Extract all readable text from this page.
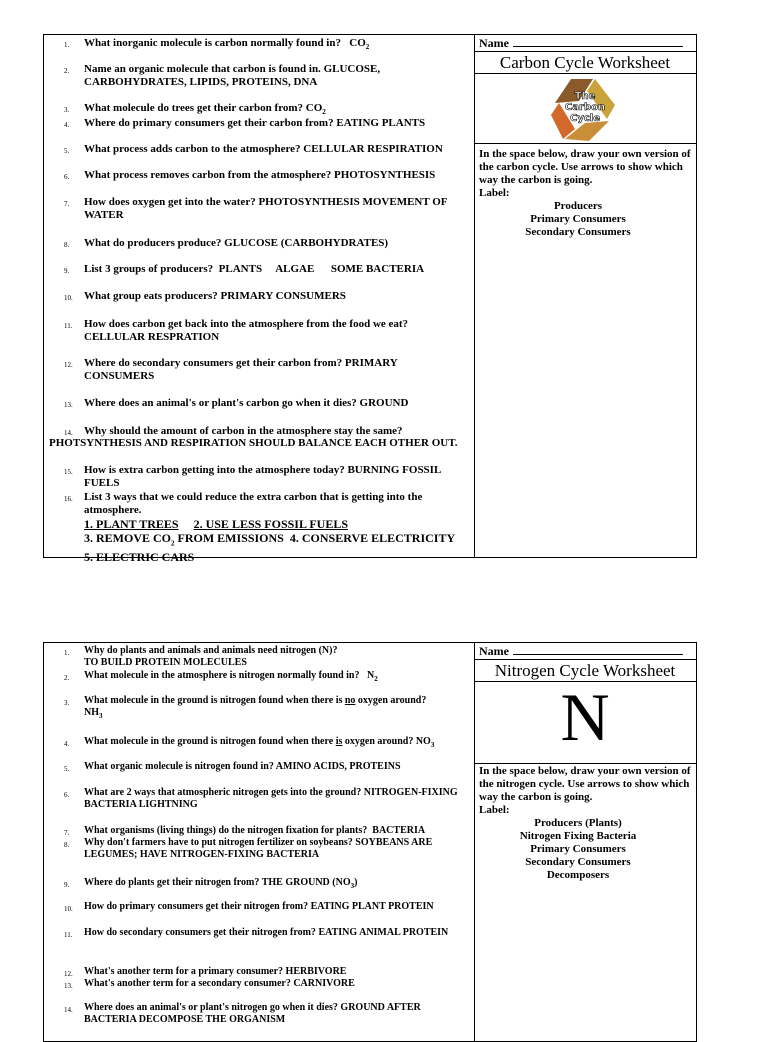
1. What inorganic molecule is carbon normally found in? $CO_2$
2. Name an organic molecule that carbon is found in. GLUCOSE, CARBOHYDRATES, LIPIDS, PROTEINS, DNA
3. What molecule do trees get their carbon from? $CO_2$
4. Where do primary consumers get their carbon from? EATING PLANTS
5. What process adds carbon to the atmosphere? CELLULAR RESPIRATION
6. What process removes carbon from the atmosphere? PHOTOSYNTHESIS
7. How does oxygen get into the water? PHOTOSYNTHESIS MOVEMENT OF WATER
8. What do producers produce? GLUCOSE (CARBOHYDRATES)
9. List 3 groups of producers? PLANTS     ALGAE      SOME BACTERIA
10. What group eats producers? PRIMARY CONSUMERS
11. How does carbon get back into the atmosphere from the food we eat? CELLULAR RESPRATION
12. Where do secondary consumers get their carbon from? PRIMARY CONSUMERS
13. Where does an animal's or plant's carbon go when it dies? GROUND
14. Why should the amount of carbon in the atmosphere stay the same?
PHOTSYNTHESIS AND RESPIRATION SHOULD BALANCE EACH OTHER OUT.
15. How is extra carbon getting into the atmosphere today? BURNING FOSSIL FUELS
16. List 3 ways that we could reduce the extra carbon that is getting into the atmosphere.
1. PLANT TREES 2. USE LESS FOSSIL FUELS
3. REMOVE $CO_2$ FROM EMISSIONS 4. CONSERVE ELECTRICITY
5. ELECTRIC CARS
Name
Carbon Cycle Worksheet
The
Carbon
Cycle
In the space below, draw your own version of the carbon cycle. Use arrows to show which way the carbon is going.
Label:
Producers
Primary Consumers
Secondary Consumers
1. Why do plants and animals and animals need nitrogen (N)?
TO BUILD PROTEIN MOLECULES
2. What molecule in the atmosphere is nitrogen normally found in? $N_2$
3. What molecule in the ground is nitrogen found when there is no oxygen around?
$NH_3$
4. What molecule in the ground is nitrogen found when there is oxygen around? $NO_3$
5. What organic molecule is nitrogen found in? AMINO ACIDS, PROTEINS
6. What are 2 ways that atmospheric nitrogen gets into the ground? NITROGEN-FIXING BACTERIA LIGHTNING
7. What organisms (living things) do the nitrogen fixation for plants? BACTERIA
8. Why don't farmers have to put nitrogen fertilizer on soybeans? SOYBEANS ARE LEGUMES; HAVE NITROGEN-FIXING BACTERIA
9. Where do plants get their nitrogen from? THE GROUND $(NO_3)$
10. How do primary consumers get their nitrogen from? EATING PLANT PROTEIN
11. How do secondary consumers get their nitrogen from? EATING ANIMAL PROTEIN
12. What's another term for a primary consumer? HERBIVORE
13. What's another term for a secondary consumer? CARNIVORE
14. Where does an animal's or plant's nitrogen go when it dies? GROUND AFTER BACTERIA DECOMPOSE THE ORGANISM
Name
Nitrogen Cycle Worksheet
N
In the space below, draw your own version of the nitrogen cycle. Use arrows to show which way the carbon is going.
Label:
Producers (Plants)
Nitrogen Fixing Bacteria
Primary Consumers
Secondary Consumers
Decomposers
